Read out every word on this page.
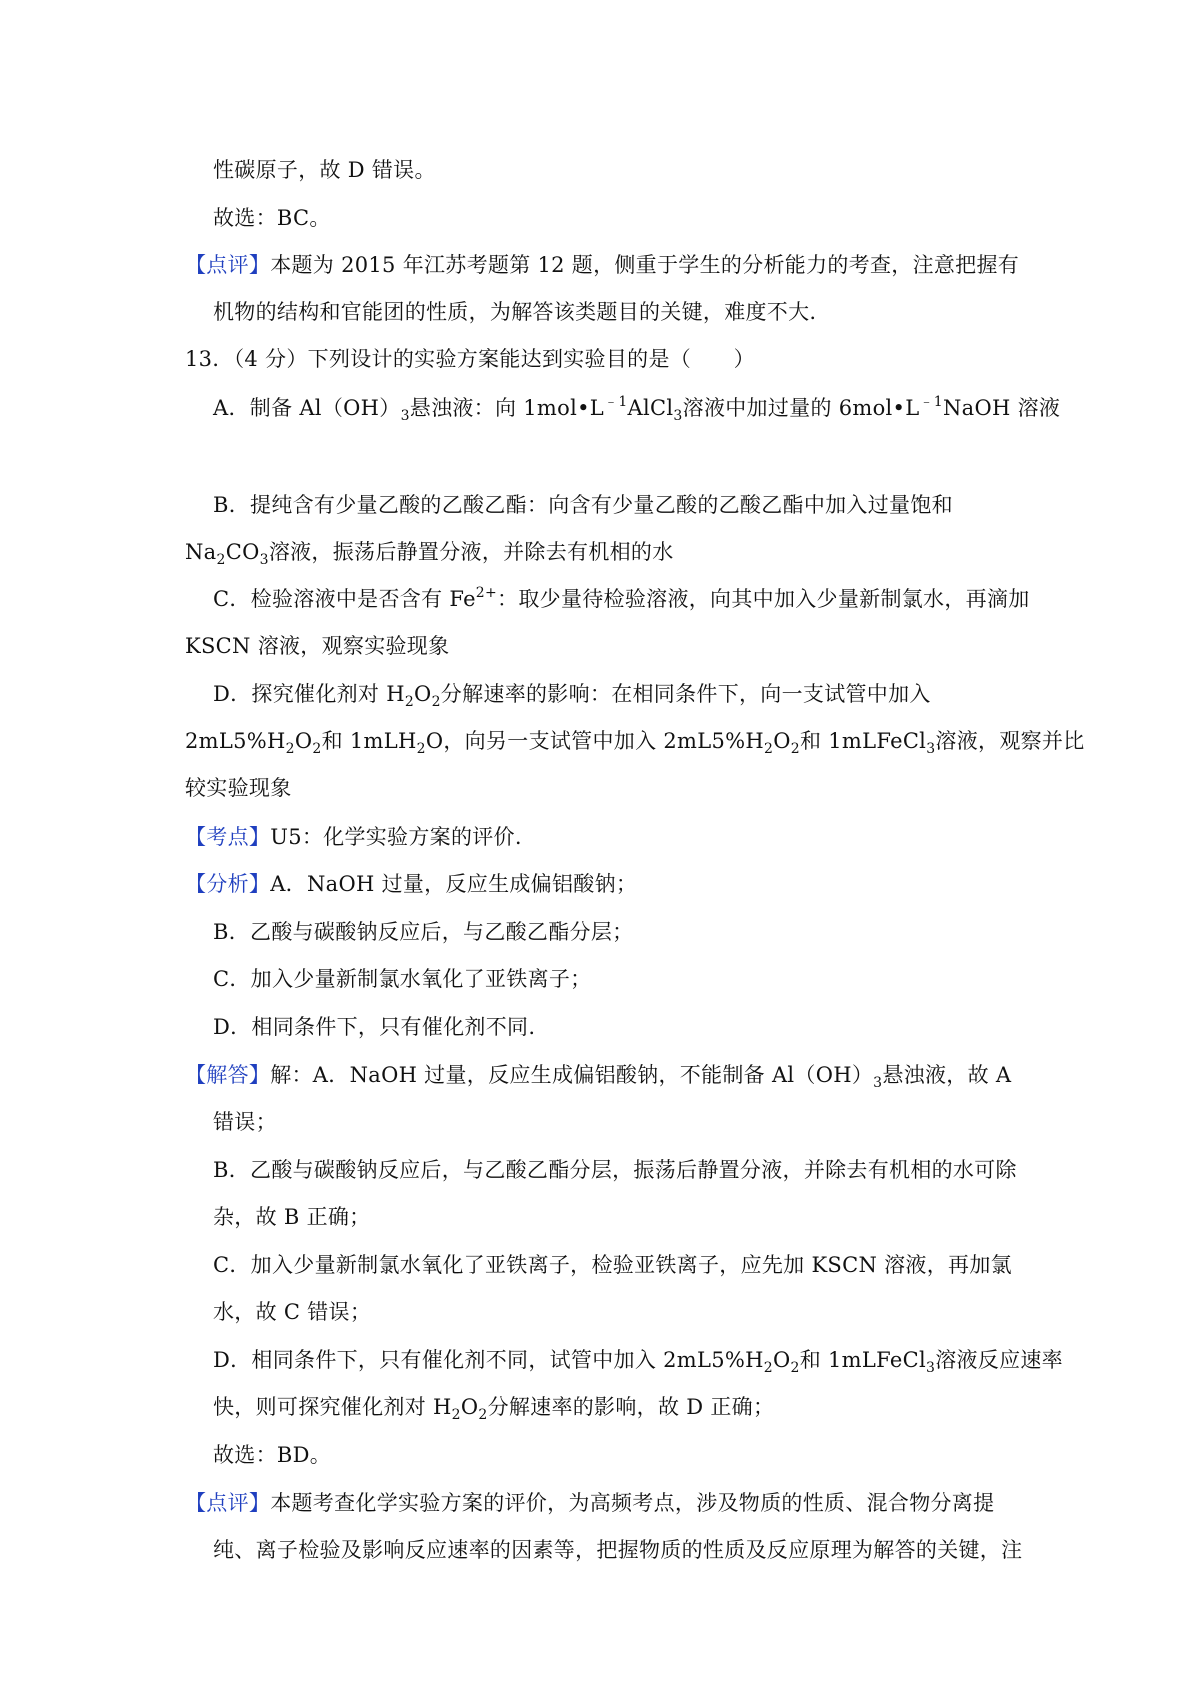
性碳原子，故 D 错误。
故选：BC。
【点评】本题为 2015 年江苏考题第 12 题，侧重于学生的分析能力的考查，注意把握有
机物的结构和官能团的性质，为解答该类题目的关键，难度不大.
13．（4 分）下列设计的实验方案能达到实验目的是（　　）
A．制备 $Al(OH)_3$悬浊液：向 $1mol•L^{﹣1}AlCl_3$溶液中加过量的 $6mol•L^{﹣1}NaOH$ 溶液
B．提纯含有少量乙酸的乙酸乙酯：向含有少量乙酸的乙酸乙酯中加入过量饱和
$Na_2CO_3$溶液，振荡后静置分液，并除去有机相的水
C．检验溶液中是否含有 $Fe^{2+}$：取少量待检验溶液，向其中加入少量新制氯水，再滴加
KSCN 溶液，观察实验现象
D．探究催化剂对 $H_2O_2$分解速率的影响：在相同条件下，向一支试管中加入
$2mL5\%H_2O_2$和 1mLH$_2$O，向另一支试管中加入 $2mL5\%H_2O_2$和 1mLFeCl$_3$溶液，观察并比
较实验现象
【考点】U5：化学实验方案的评价.
【分析】A．NaOH 过量，反应生成偏铝酸钠；
B．乙酸与碳酸钠反应后，与乙酸乙酯分层；
C．加入少量新制氯水氧化了亚铁离子；
D．相同条件下，只有催化剂不同.
【解答】解：A．NaOH 过量，反应生成偏铝酸钠，不能制备 $Al(OH)_3$悬浊液，故 A
错误；
B．乙酸与碳酸钠反应后，与乙酸乙酯分层，振荡后静置分液，并除去有机相的水可除
杂，故 B 正确；
C．加入少量新制氯水氧化了亚铁离子，检验亚铁离子，应先加 KSCN 溶液，再加氯
水，故 C 错误；
D．相同条件下，只有催化剂不同，试管中加入 $2mL5\%H_2O_2$和 1mLFeCl$_3$溶液反应速率
快，则可探究催化剂对 $H_2O_2$分解速率的影响，故 D 正确；
故选：BD。
【点评】本题考查化学实验方案的评价，为高频考点，涉及物质的性质、混合物分离提
纯、离子检验及影响反应速率的因素等，把握物质的性质及反应原理为解答的关键，注
